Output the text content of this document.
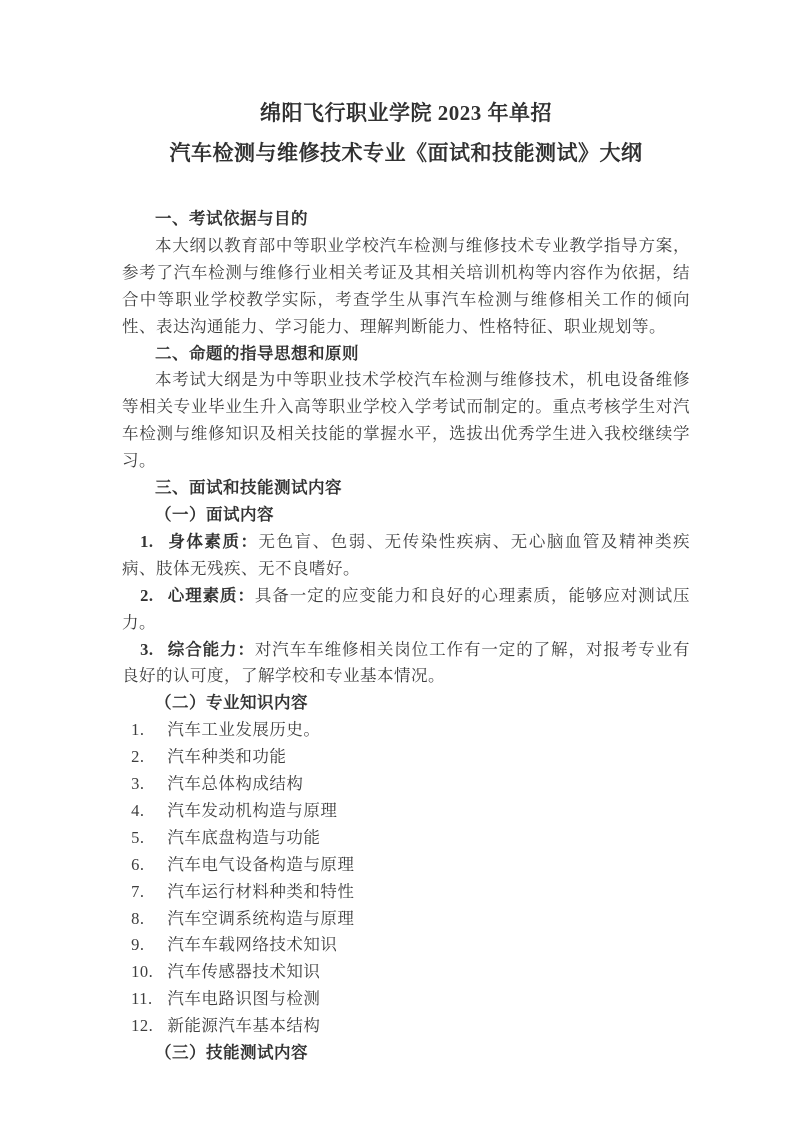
绵阳飞行职业学院 2023 年单招
汽车检测与维修技术专业《面试和技能测试》大纲
一、考试依据与目的

本大纲以教育部中等职业学校汽车检测与维修技术专业教学指导方案，参考了汽车检测与维修行业相关考证及其相关培训机构等内容作为依据，结合中等职业学校教学实际，考查学生从事汽车检测与维修相关工作的倾向性、表达沟通能力、学习能力、理解判断能力、性格特征、职业规划等。

二、命题的指导思想和原则

本考试大纲是为中等职业技术学校汽车检测与维修技术，机电设备维修等相关专业毕业生升入高等职业学校入学考试而制定的。重点考核学生对汽车检测与维修知识及相关技能的掌握水平，选拔出优秀学生进入我校继续学习。

三、面试和技能测试内容
（一）面试内容

1. 身体素质：无色盲、色弱、无传染性疾病、无心脑血管及精神类疾病、肢体无残疾、无不良嗜好。

2. 心理素质：具备一定的应变能力和良好的心理素质，能够应对测试压力。

3. 综合能力：对汽车车维修相关岗位工作有一定的了解，对报考专业有良好的认可度，了解学校和专业基本情况。

（二）专业知识内容
1. 汽车工业发展历史。
2. 汽车种类和功能
3. 汽车总体构成结构
4. 汽车发动机构造与原理
5. 汽车底盘构造与功能
6. 汽车电气设备构造与原理
7. 汽车运行材料种类和特性
8. 汽车空调系统构造与原理
9. 汽车车载网络技术知识
10. 汽车传感器技术知识
11. 汽车电路识图与检测
12. 新能源汽车基本结构
（三）技能测试内容
